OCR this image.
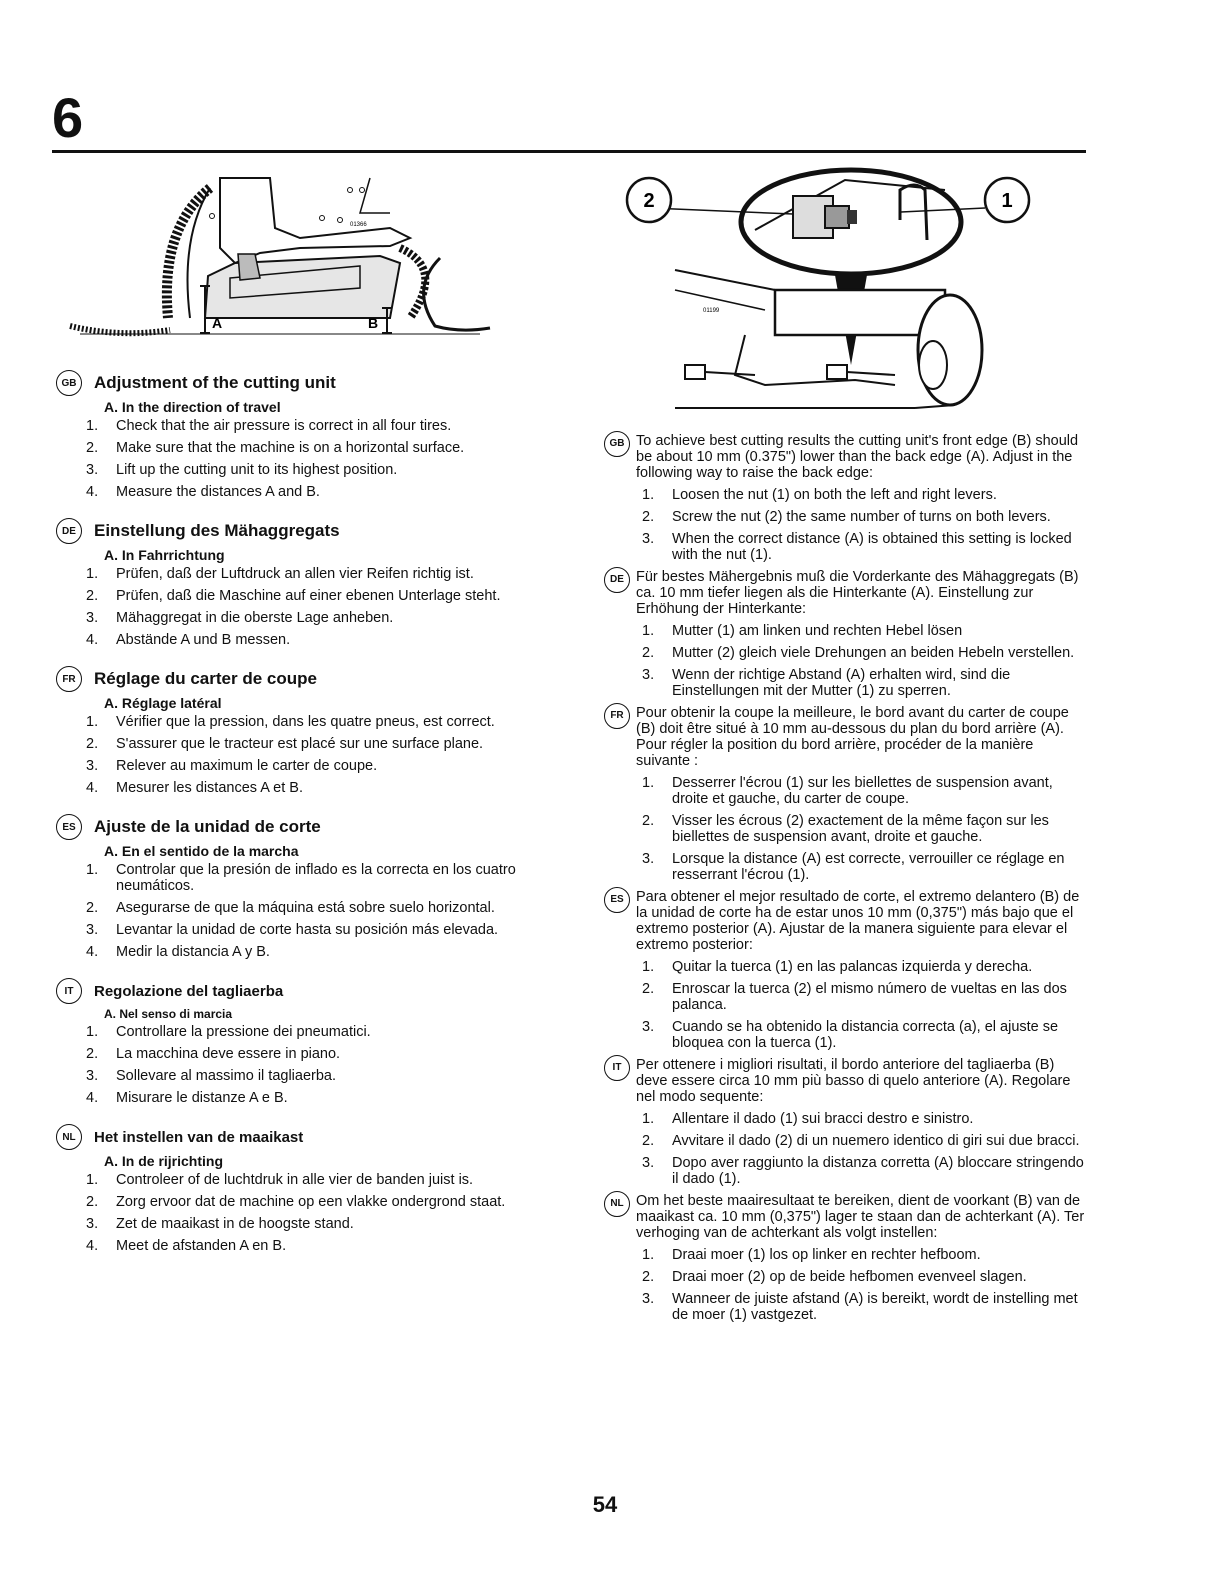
6
01366
A	B
2	1
01199
GB	Adjustment of the cutting unit
A. In the direction of travel
1. Check that the air pressure is correct in all four tires.
2. Make sure that the machine is on a horizontal surface.
3. Lift up the cutting unit to its highest position.
4. Measure the distances A and B.
DE	Einstellung des Mähaggregats
A. In Fahrrichtung
1. Prüfen, daß der Luftdruck an allen vier Reifen richtig ist.
2. Prüfen, daß die Maschine auf einer ebenen Unterlage steht.
3. Mähaggregat in die oberste Lage anheben.
4. Abstände A und B messen.
FR	Réglage du carter de coupe
A. Réglage latéral
1. Vérifier que la pression, dans les quatre pneus, est correct.
2. S'assurer que le tracteur est placé sur une surface plane.
3. Relever au maximum le carter de coupe.
4. Mesurer les distances A et B.
ES	Ajuste de la unidad de corte
A. En el sentido de la marcha
1. Controlar que la presión de inflado es la correcta en los cuatro neumáticos.
2. Asegurarse de que la máquina está sobre suelo horizontal.
3. Levantar la unidad de corte hasta su posición más elevada.
4. Medir la distancia A y B.
IT	Regolazione del tagliaerba
A. Nel senso di marcia
1. Controllare la pressione dei pneumatici.
2. La macchina deve essere in piano.
3. Sollevare al massimo il tagliaerba.
4. Misurare le distanze A e B.
NL	Het instellen van de maaikast
A. In de rijrichting
1. Controleer of de luchtdruk in alle vier de banden juist is.
2. Zorg ervoor dat de machine op een vlakke ondergrond staat.
3. Zet de maaikast in de hoogste stand.
4. Meet de afstanden A en B.
GB To achieve best cutting results the cutting unit's front edge (B) should be about 10 mm (0.375") lower than the back edge (A). Adjust in the following way to raise the back edge:
1. Loosen the nut (1) on both the left and right levers.
2. Screw the nut (2) the same number of turns on both levers.
3. When the correct distance (A) is obtained this setting is locked with the nut (1).
DE Für bestes Mähergebnis muß die Vorderkante des Mähaggregats (B) ca. 10 mm tiefer liegen als die Hinterkante (A). Einstellung zur Erhöhung der Hinterkante:
1. Mutter (1) am linken und rechten Hebel lösen
2. Mutter (2) gleich viele Drehungen an beiden Hebeln verstellen.
3. Wenn der richtige Abstand (A) erhalten wird, sind die Einstellungen mit der Mutter (1) zu sperren.
FR Pour obtenir la coupe la meilleure, le bord avant du carter de coupe (B) doit être situé à 10 mm au-dessous du plan du bord arrière (A). Pour régler la position du bord arrière, procéder de la manière suivante :
1. Desserrer l'écrou (1) sur les biellettes de suspension avant, droite et gauche, du carter de coupe.
2. Visser les écrous (2) exactement de la même façon sur les biellettes de suspension avant, droite et gauche.
3. Lorsque la distance (A) est correcte, verrouiller ce réglage en resserrant l'écrou (1).
ES Para obtener el mejor resultado de corte, el extremo delantero (B) de la unidad de corte ha de estar unos 10 mm (0,375") más bajo que el extremo posterior (A). Ajustar de la manera siguiente para elevar el extremo posterior:
1. Quitar la tuerca (1) en las palancas izquierda y derecha.
2. Enroscar la tuerca (2) el mismo número de vueltas en las dos palanca.
3. Cuando se ha obtenido la distancia correcta (a), el ajuste se bloquea con la tuerca (1).
IT	Per ottenere i migliori risultati, il bordo anteriore del tagliaerba (B) deve essere circa 10 mm più basso di quelo anteriore (A). Regolare nel modo sequente:
1. Allentare il dado (1) sui bracci destro e sinistro.
2. Avvitare il dado (2) di un nuemero identico di giri sui due bracci.
3. Dopo aver raggiunto la distanza corretta (A) bloccare stringendo il dado (1).
NL Om het beste maairesultaat te bereiken, dient de voorkant (B) van de maaikast ca. 10 mm (0,375") lager te staan dan de achterkant (A). Ter verhoging van de achterkant als volgt instellen:
1. Draai moer (1) los op linker en rechter hefboom.
2. Draai moer (2) op de beide hefbomen evenveel slagen.
3. Wanneer de juiste afstand (A) is bereikt, wordt de instelling met de moer (1) vastgezet.
54
